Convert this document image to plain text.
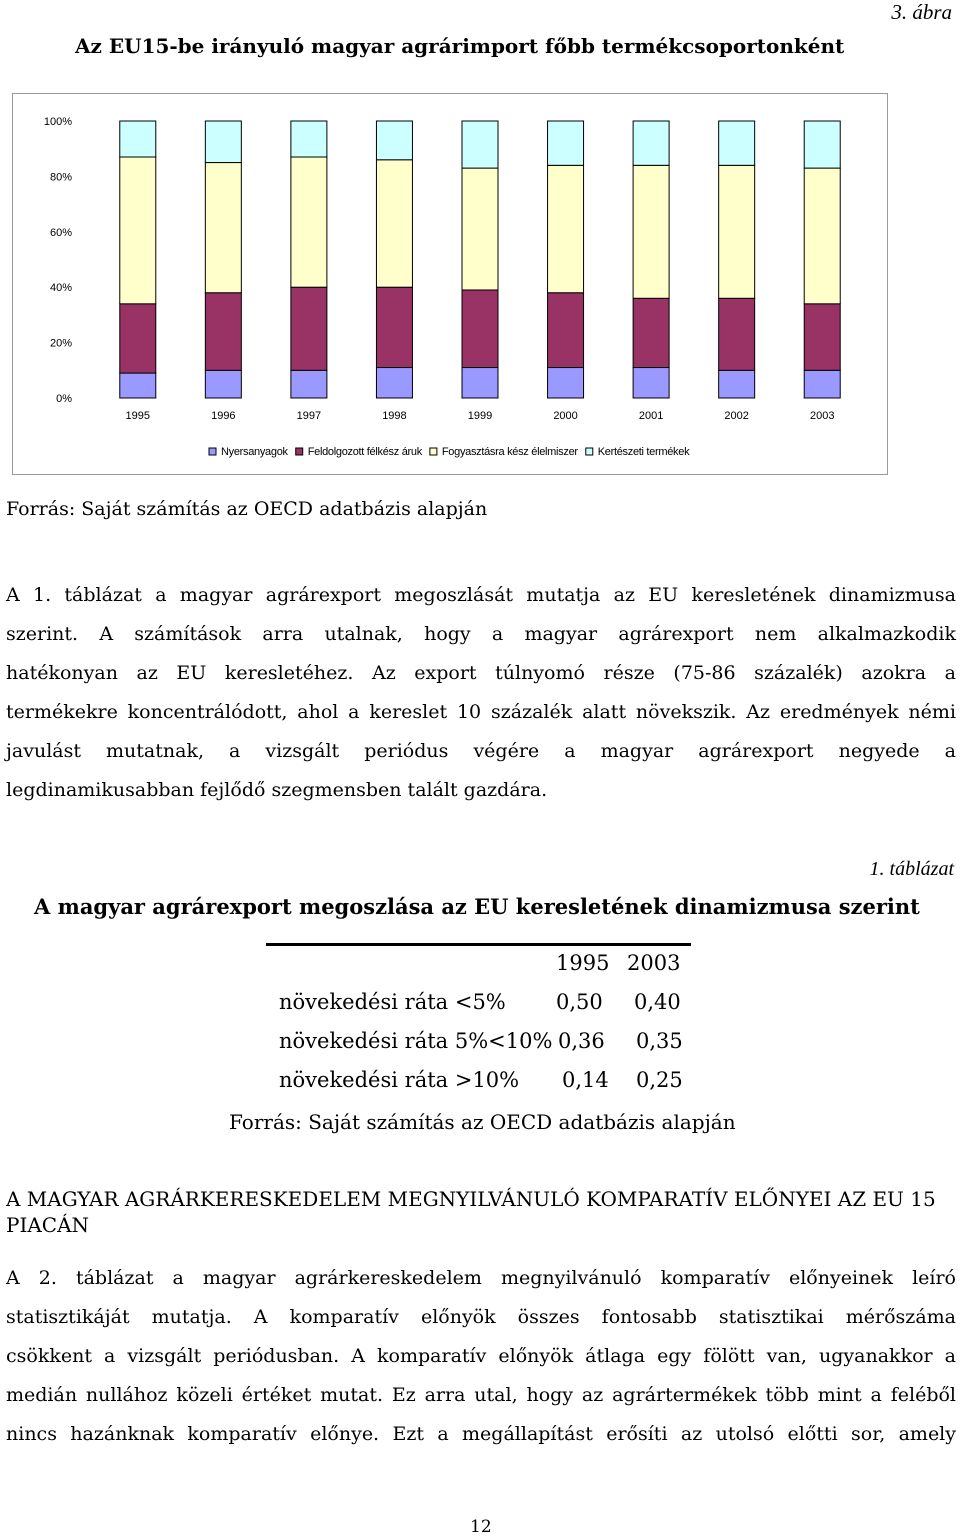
3. ábra
Az EU15-be irányuló magyar agrárimport főbb termékcsoportonként
0%
20%
40%
60%
80%
100%
1995	1996	1997	1998	1999	2000	2001	2002	2003
Nyersanyagok Feldolgozott félkész áruk Fogyasztásra kész élelmiszer Kertészeti termékek
Forrás: Saját számítás az OECD adatbázis alapján
A 1. táblázat a magyar agrárexport megoszlását mutatja az EU keresletének dinamizmusa
szerint. A számítások arra utalnak, hogy a magyar agrárexport nem alkalmazkodik
hatékonyan az EU keresletéhez. Az export túlnyomó része (75-86 százalék) azokra a
termékekre koncentrálódott, ahol a kereslet 10 százalék alatt növekszik. Az eredmények némi
javulást mutatnak, a vizsgált periódus végére a magyar agrárexport negyede a
legdinamikusabban fejlődő szegmensben talált gazdára.
1. táblázat
A magyar agrárexport megoszlása az EU keresletének dinamizmusa szerint
1995 2003
növekedési ráta <5% 0,50 0,40
növekedési ráta 5%<10% 0,36 0,35
növekedési ráta >10% 0,14 0,25
Forrás: Saját számítás az OECD adatbázis alapján
A MAGYAR AGRÁRKERESKEDELEM MEGNYILVÁNULÓ KOMPARATÍV ELŐNYEI AZ EU 15 PIACÁN
A 2. táblázat a magyar agrárkereskedelem megnyilvánuló komparatív előnyeinek leíró
statisztikáját mutatja. A komparatív előnyök összes fontosabb statisztikai mérőszáma
csökkent a vizsgált periódusban. A komparatív előnyök átlaga egy fölött van, ugyanakkor a
medián nullához közeli értéket mutat. Ez arra utal, hogy az agrártermékek több mint a feléből
nincs hazánknak komparatív előnye. Ezt a megállapítást erősíti az utolsó előtti sor, amely
12
